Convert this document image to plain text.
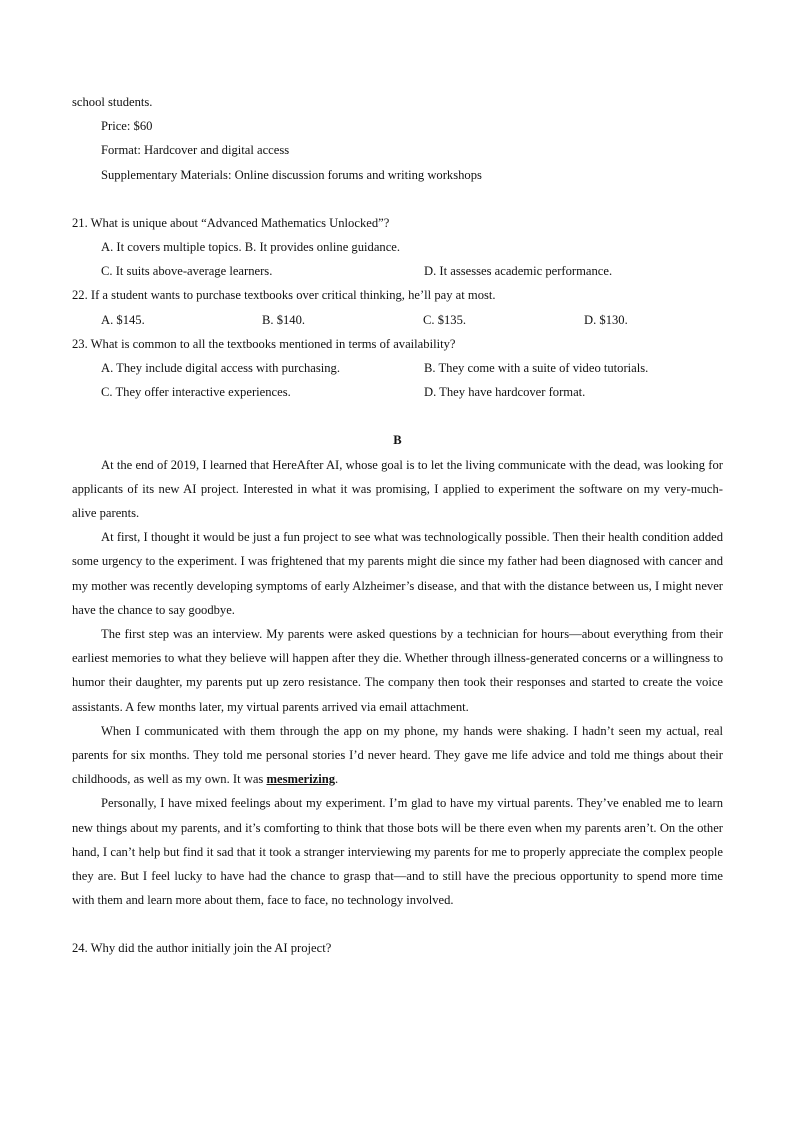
school students.
Price: $60
Format: Hardcover and digital access
Supplementary Materials: Online discussion forums and writing workshops
21. What is unique about “Advanced Mathematics Unlocked”?
A. It covers multiple topics. B. It provides online guidance.
C. It suits above-average learners.	D. It assesses academic performance.
22. If a student wants to purchase textbooks over critical thinking, he’ll pay at most.
A. $145.	B. $140.	C. $135.	D. $130.
23. What is common to all the textbooks mentioned in terms of availability?
A. They include digital access with purchasing.	B. They come with a suite of video tutorials.
C. They offer interactive experiences.	D. They have hardcover format.
B

At the end of 2019, I learned that HereAfter AI, whose goal is to let the living communicate with the dead, was looking for applicants of its new AI project. Interested in what it was promising, I applied to experiment the software on my very-much-alive parents.

At first, I thought it would be just a fun project to see what was technologically possible. Then their health condition added some urgency to the experiment. I was frightened that my parents might die since my father had been diagnosed with cancer and my mother was recently developing symptoms of early Alzheimer’s disease, and that with the distance between us, I might never have the chance to say goodbye.

The first step was an interview. My parents were asked questions by a technician for hours—about everything from their earliest memories to what they believe will happen after they die. Whether through illness-generated concerns or a willingness to humor their daughter, my parents put up zero resistance. The company then took their responses and started to create the voice assistants. A few months later, my virtual parents arrived via email attachment.

When I communicated with them through the app on my phone, my hands were shaking. I hadn’t seen my actual, real parents for six months. They told me personal stories I’d never heard. They gave me life advice and told me things about their childhoods, as well as my own. It was mesmerizing.

Personally, I have mixed feelings about my experiment. I’m glad to have my virtual parents. They’ve enabled me to learn new things about my parents, and it’s comforting to think that those bots will be there even when my parents aren’t. On the other hand, I can’t help but find it sad that it took a stranger interviewing my parents for me to properly appreciate the complex people they are. But I feel lucky to have had the chance to grasp that—and to still have the precious opportunity to spend more time with them and learn more about them, face to face, no technology involved.

24. Why did the author initially join the AI project?
